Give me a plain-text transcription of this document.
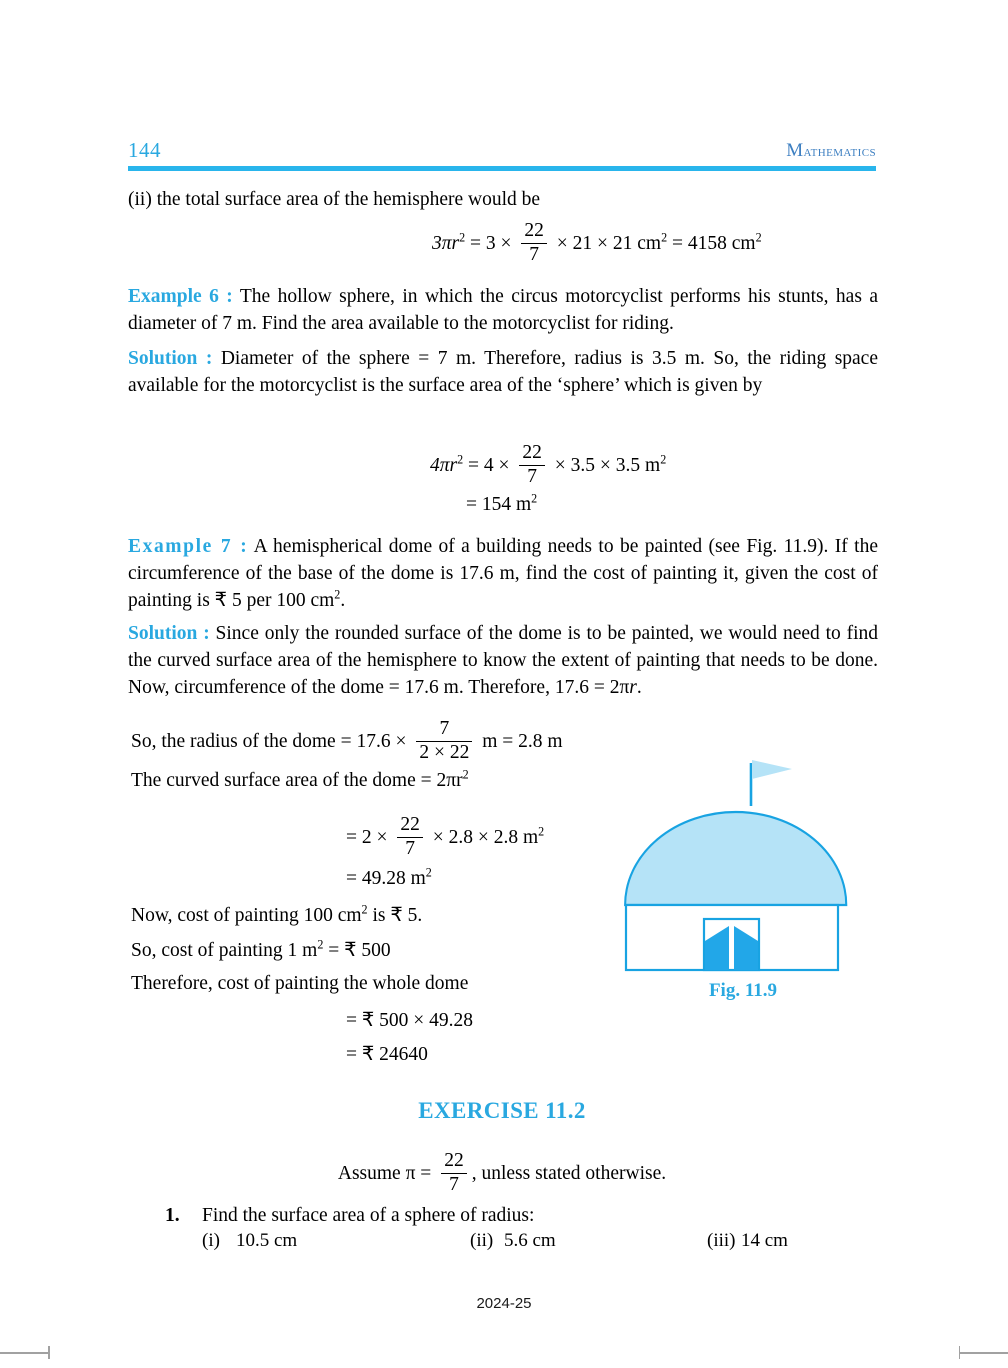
144	Mathematics
(ii) the total surface area of the hemisphere would be
$3\pi r^2 = 3 \times \frac{22}{7} \times 21 \times 21$ $cm^2 = 4158$ $cm^2$
Example 6 : The hollow sphere, in which the circus motorcyclist performs his stunts, has a diameter of 7 m. Find the area available to the motorcyclist for riding.
Solution : Diameter of the sphere = 7 m. Therefore, radius is 3.5 m. So, the riding space available for the motorcyclist is the surface area of the ‘sphere’ which is given by
$4\pi r^2 = 4 \times \frac{22}{7} \times 3.5 \times 3.5$ $m^2$
= 154 $m^2$
Example 7 : A hemispherical dome of a building needs to be painted (see Fig. 11.9). If the circumference of the base of the dome is 17.6 m, find the cost of painting it, given the cost of painting is ₹ 5 per 100 $cm^2$.
Solution : Since only the rounded surface of the dome is to be painted, we would need to find the curved surface area of the hemisphere to know the extent of painting that needs to be done. Now, circumference of the dome = 17.6 m. Therefore, 17.6 = 2πr.
So, the radius of the dome = $17.6 \times \frac{7}{2 \times 22}$ m = 2.8 m
The curved surface area of the dome = $2\pi r^2$
= $2 \times \frac{22}{7} \times 2.8 \times 2.8$ $m^2$
= 49.28 $m^2$
Now, cost of painting 100 $cm^2$ is ₹ 5.
So, cost of painting 1 $m^2$ = ₹ 500
Therefore, cost of painting the whole dome
= ₹ 500 × 49.28
= ₹ 24640
Fig. 11.9
EXERCISE 11.2
Assume $\pi = \frac{22}{7}$ , unless stated otherwise.
1. Find the surface area of a sphere of radius:
(i) 10.5 cm	(ii) 5.6 cm	(iii) 14 cm
2024-25
